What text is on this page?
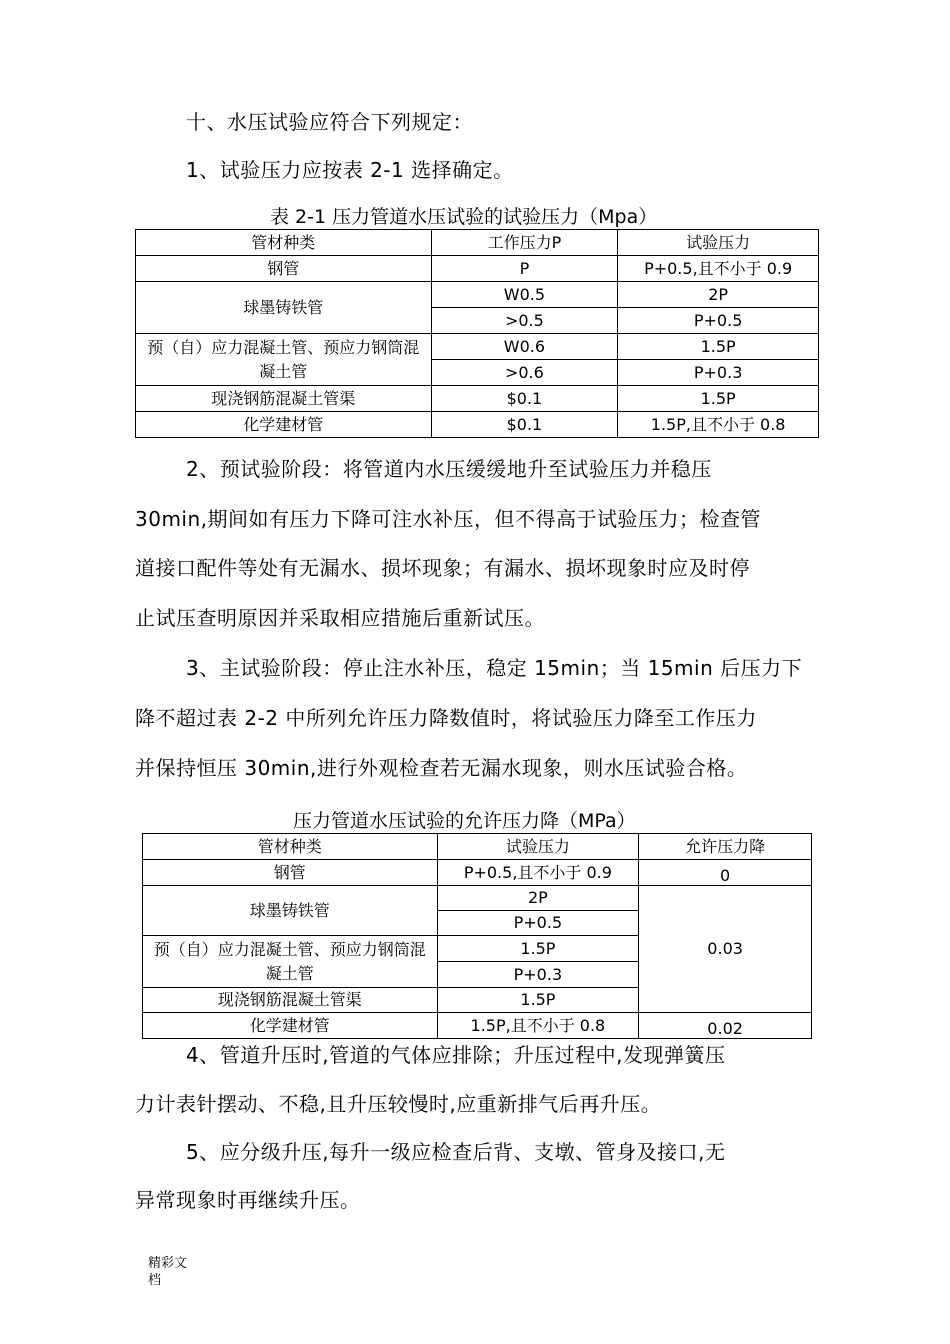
十、水压试验应符合下列规定：
1、试验压力应按表 2-1 选择确定。
表 2-1 压力管道水压试验的试验压力（Mpa）
管材种类	工作压力P	试验压力
钢管	P	P+0.5,且不小于 0.9
球墨铸铁管	W0.5	2P
	>0.5	P+0.5

预（自）应力混凝土管、预应力钢筒混凝土管	W0.6	1.5P
	>0.6	P+0.3
现浇钢筋混凝土管渠	$0.1	1.5P
化学建材管	$0.1	1.5P,且不小于 0.8
2、预试验阶段：将管道内水压缓缓地升至试验压力并稳压
30min,期间如有压力下降可注水补压，但不得高于试验压力；检查管
道接口配件等处有无漏水、损坏现象；有漏水、损坏现象时应及时停
止试压查明原因并采取相应措施后重新试压。
3、主试验阶段：停止注水补压，稳定 15min；当 15min 后压力下
降不超过表 2-2 中所列允许压力降数值时，将试验压力降至工作压力
并保持恒压 30min,进行外观检查若无漏水现象，则水压试验合格。
压力管道水压试验的允许压力降（MPa）
管材种类	试验压力	允许压力降
钢管	P+0.5,且不小于 0.9	0
球墨铸铁管	2P	0.03
	P+0.5	

预（自）应力混凝土管、预应力钢筒混凝土管	1.5P	
	P+0.3	
现浇钢筋混凝土管渠	1.5P	
化学建材管	1.5P,且不小于 0.8	0.02
4、管道升压时,管道的气体应排除；升压过程中,发现弹簧压
力计表针摆动、不稳,且升压较慢时,应重新排气后再升压。
5、应分级升压,每升一级应检查后背、支墩、管身及接口,无
异常现象时再继续升压。
精彩文档
